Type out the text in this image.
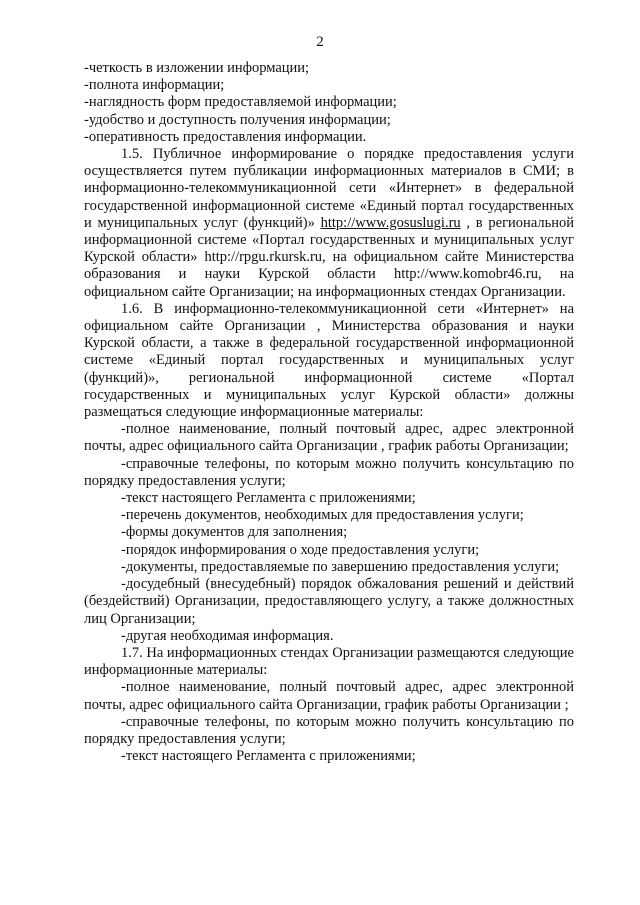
2

-четкость в изложении информации;

-полнота информации;

-наглядность форм предоставляемой информации;

-удобство и доступность получения информации;

-оперативность предоставления информации.

1.5. Публичное информирование о порядке предоставления услуги осуществляется путем публикации информационных материалов в СМИ; в информационно-телекоммуникационной сети «Интернет» в федеральной государственной информационной системе «Единый портал государственных и муниципальных услуг (функций)» http://www.gosuslugi.ru , в региональной информационной системе «Портал государственных и муниципальных услуг Курской области» http://rpgu.rkursk.ru, на официальном сайте Министерства образования и науки Курской области http://www.komobr46.ru, на официальном сайте Организации; на информационных стендах Организации.

1.6. В информационно-телекоммуникационной сети «Интернет» на официальном сайте Организации , Министерства образования и науки Курской области, а также в федеральной государственной информационной системе «Единый портал государственных и муниципальных услуг (функций)», региональной информационной системе «Портал государственных и муниципальных услуг Курской области» должны размещаться следующие информационные материалы:

-полное наименование, полный почтовый адрес, адрес электронной почты, адрес официального сайта Организации , график работы Организации;

-справочные телефоны, по которым можно получить консультацию по порядку предоставления услуги;

-текст настоящего Регламента с приложениями;

-перечень документов, необходимых для предоставления услуги;

-формы документов для заполнения;

-порядок информирования о ходе предоставления услуги;

-документы, предоставляемые по завершению предоставления услуги;

-досудебный (внесудебный) порядок обжалования решений и действий (бездействий) Организации, предоставляющего услугу, а также должностных лиц Организации;

-другая необходимая информация.

1.7. На информационных стендах Организации размещаются следующие информационные материалы:

-полное наименование, полный почтовый адрес, адрес электронной почты, адрес официального сайта Организации, график работы Организации ;

-справочные телефоны, по которым можно получить консультацию по порядку предоставления услуги;

-текст настоящего Регламента с приложениями;
